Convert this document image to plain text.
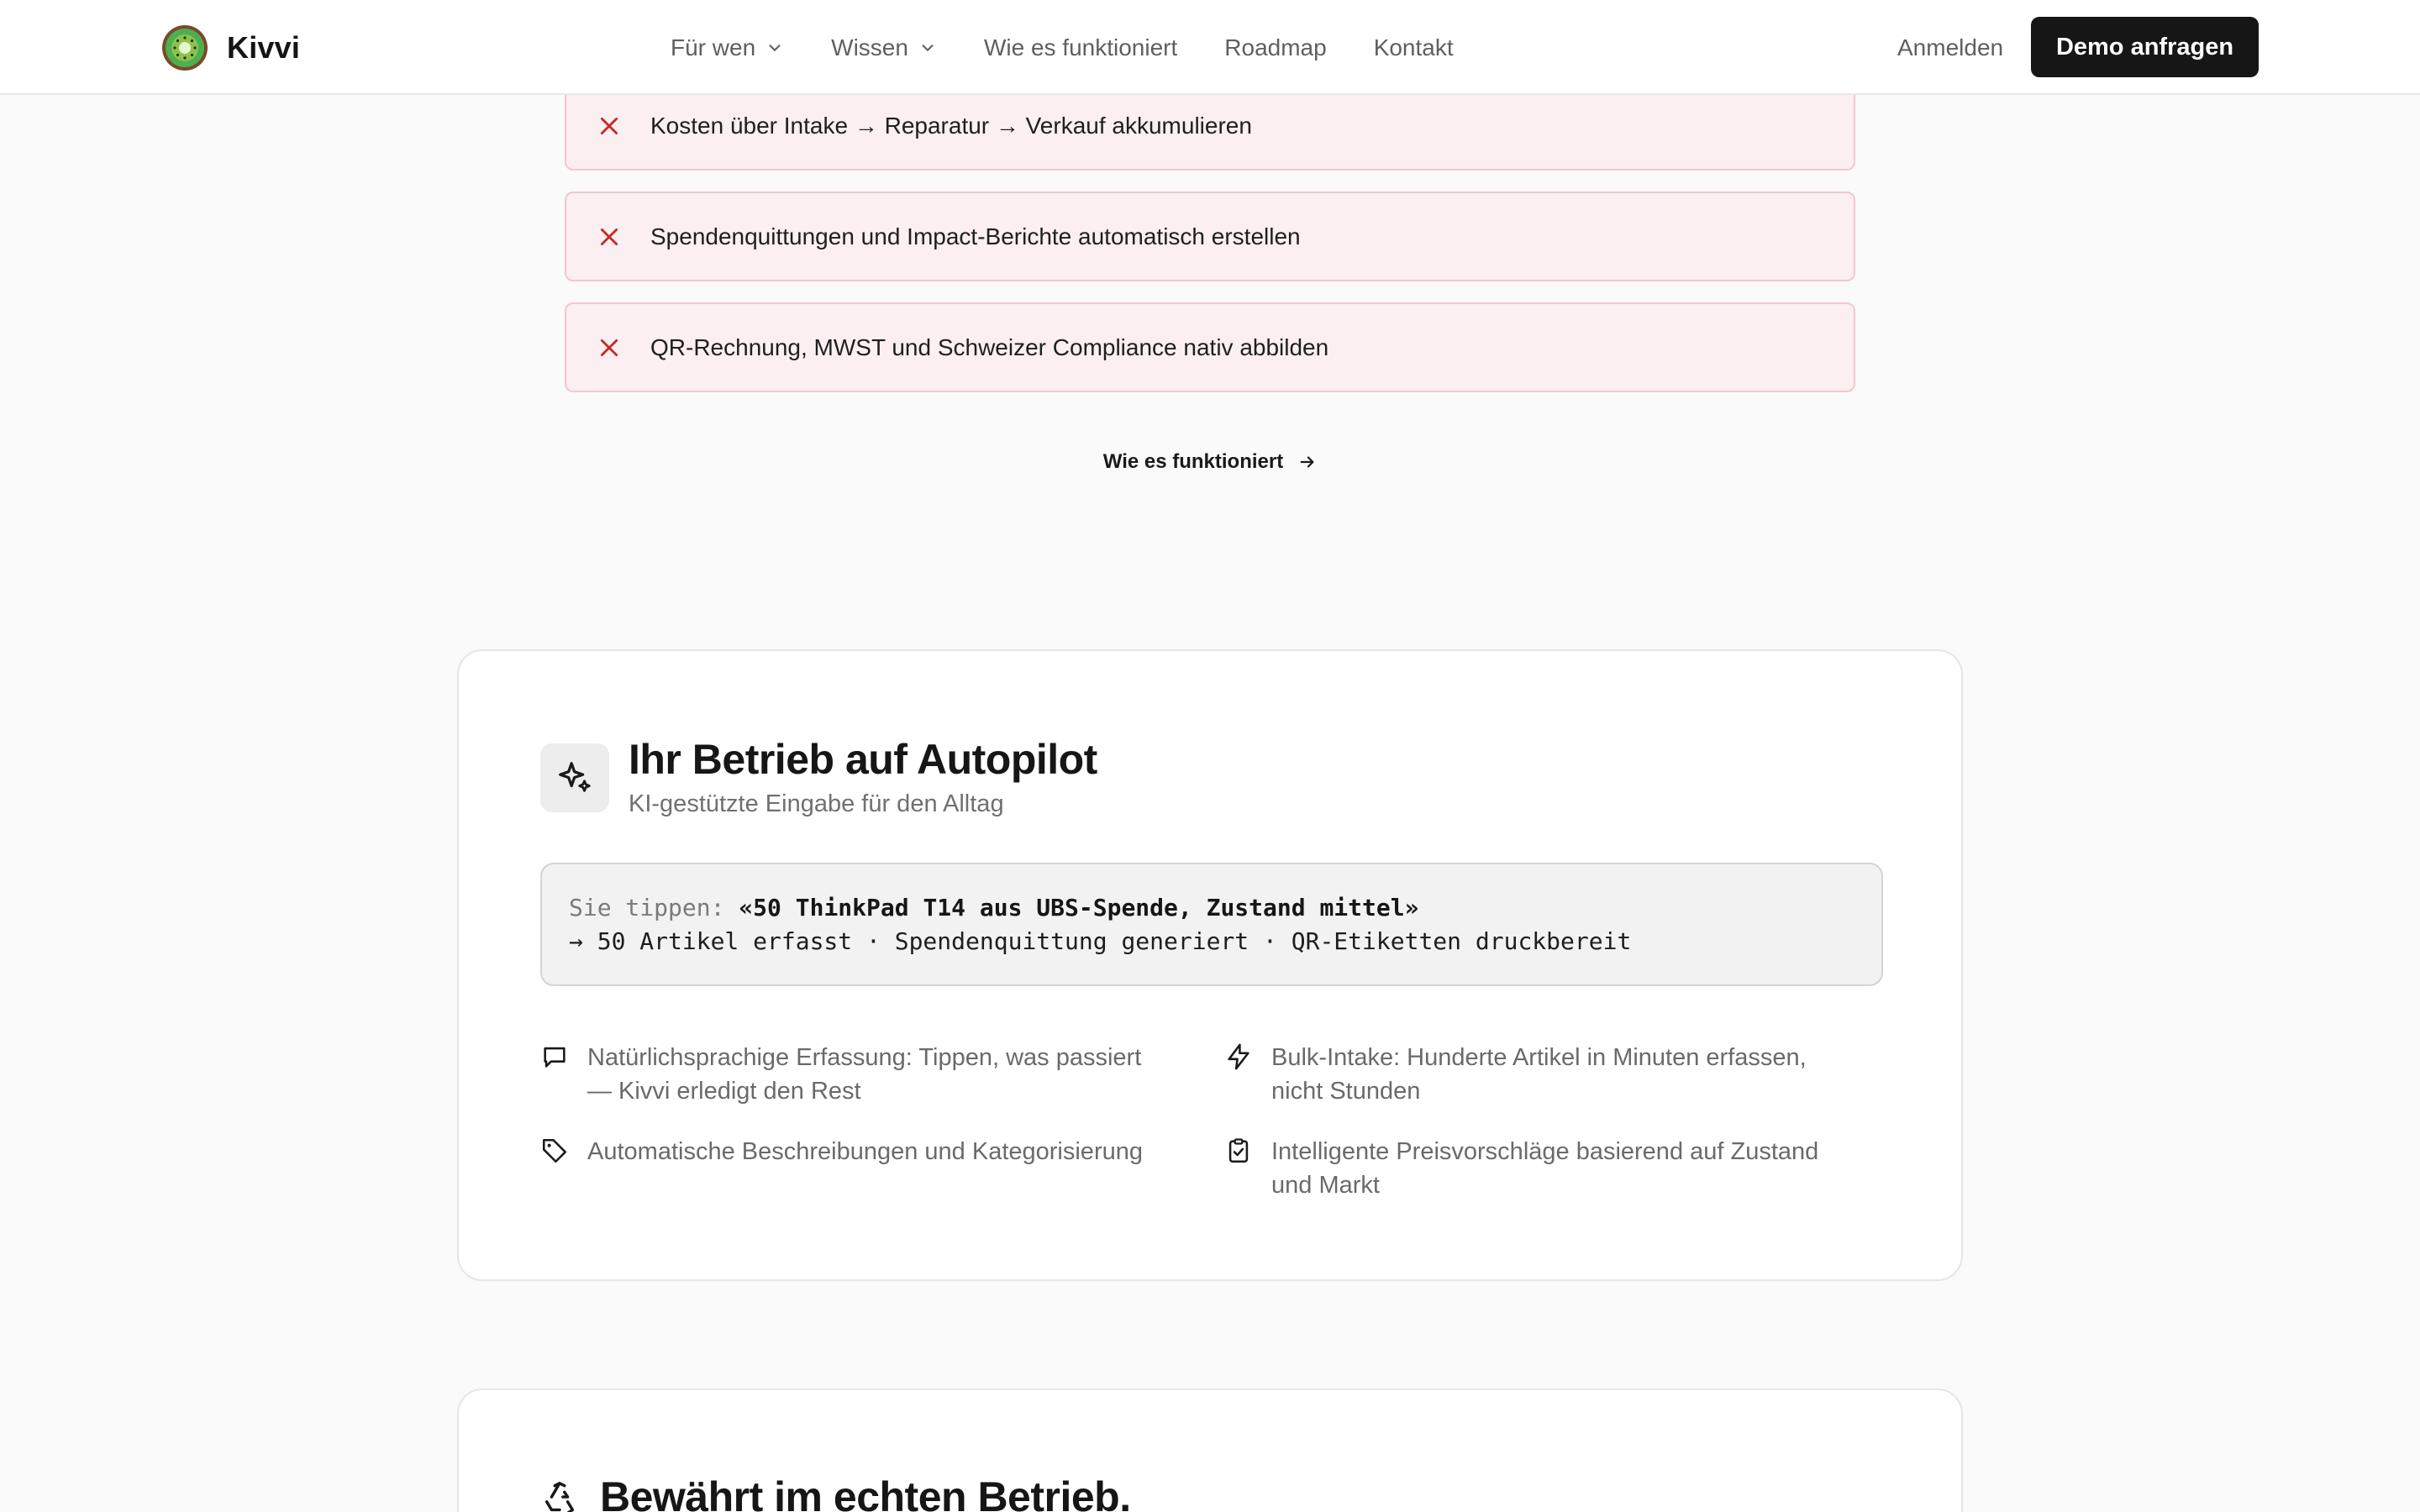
Kosten über Intake → Reparatur → Verkauf akkumulieren
Spendenquittungen und Impact-Berichte automatisch erstellen
QR-Rechnung, MWST und Schweizer Compliance nativ abbilden
Wie es funktioniert
Ihr Betrieb auf Autopilot
KI-gestützte Eingabe für den Alltag
Sie tippen: «50 ThinkPad T14 aus UBS-Spende, Zustand mittel»
→ 50 Artikel erfasst · Spendenquittung generiert · QR-Etiketten druckbereit
Natürlichsprachige Erfassung: Tippen, was passiert — Kivvi erledigt den Rest
Bulk-Intake: Hunderte Artikel in Minuten erfassen, nicht Stunden
Automatische Beschreibungen und Kategorisierung	Intelligente Preisvorschläge basierend auf Zustand und Markt
Bewährt im echten Betrieb.
Kivvi	Für wen	Wissen	Wie es funktioniert Roadmap Kontakt	Anmelden	Demo anfragen
